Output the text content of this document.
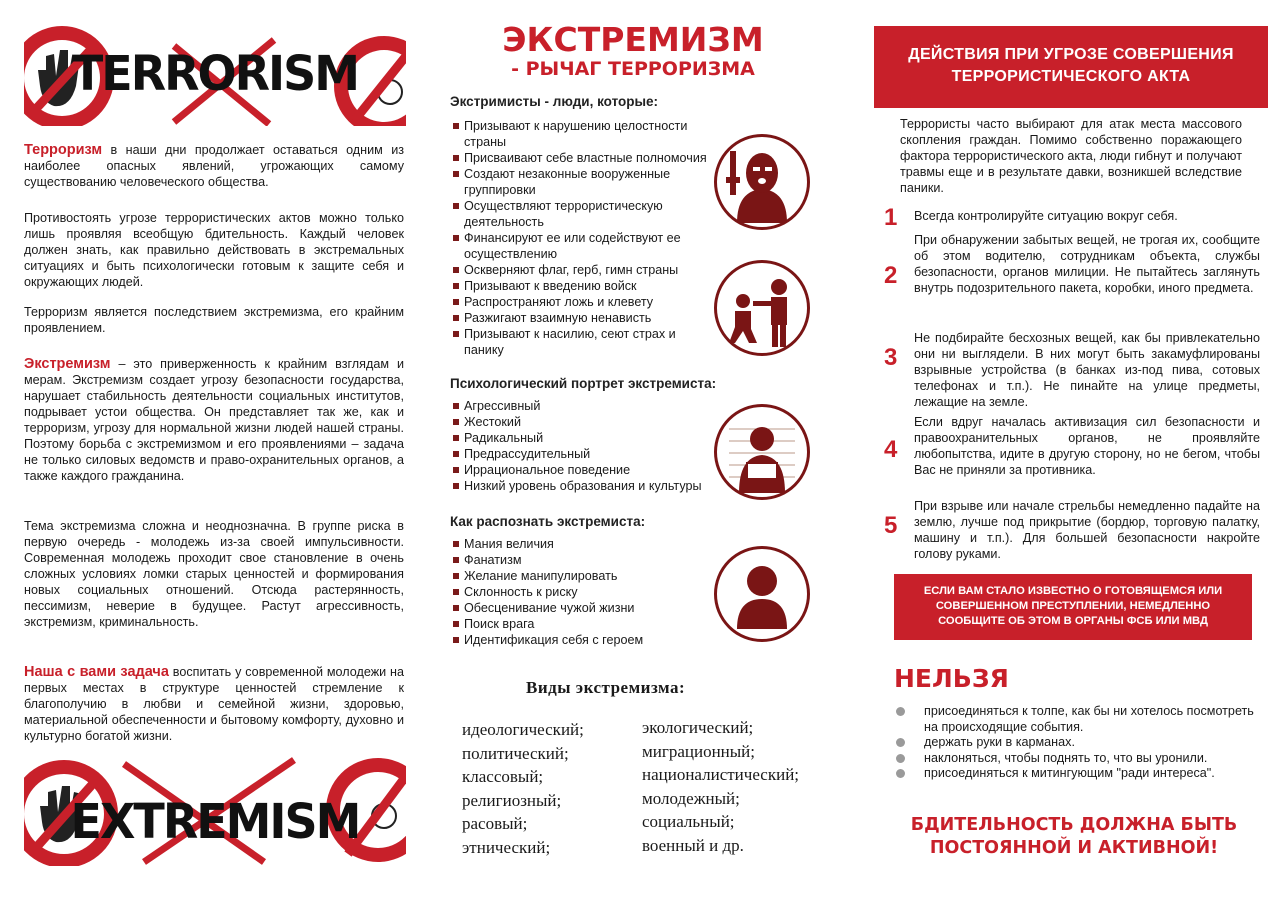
TERRORISM

Терроризм в наши дни продолжает оставаться одним из наиболее опасных явлений, угрожающих самому существованию человеческого общества.

Противостоять угрозе террористических актов можно только лишь проявляя всеобщую бдительность. Каждый человек должен знать, как правильно действовать в экстремальных ситуациях и быть психологически готовым к защите себя и окружающих людей.

Терроризм является последствием экстремизма, его крайним проявлением.

Экстремизм – это приверженность к крайним взглядам и мерам. Экстремизм создает угрозу безопасности государства, нарушает стабильность деятельности социальных институтов, подрывает устои общества. Он представляет так же, как и терроризм, угрозу для нормальной жизни людей нашей страны. Поэтому борьба с экстремизмом и его проявлениями – задача не только силовых ведомств и право-охранительных органов, а также каждого гражданина.

Тема экстремизма сложна и неоднозначна. В группе риска в первую очередь - молодежь из-за своей импульсивности. Современная молодежь проходит свое становление в очень сложных условиях ломки старых ценностей и формирования новых социальных отношений. Отсюда растерянность, пессимизм, неверие в будущее. Растут агрессивность, экстремизм, криминальность.

Наша с вами задача воспитать у современной молодежи на первых местах в структуре ценностей стремление к благополучию в любви и семейной жизни, здоровью, материальной обеспеченности и бытовому комфорту, духовно и культурно богатой жизни.

EXTREMISM
ЭКСТРЕМИЗМ
- РЫЧАГ ТЕРРОРИЗМА
Экстримисты - люди, которые:
Призывают к нарушению целостности страны
Присваивают себе властные полномочия
Создают незаконные вооруженные группировки
Осуществляют террористическую деятельность
Финансируют ее или содействуют ее осуществлению
Оскверняют флаг, герб, гимн страны
Призывают к введению войск
Распространяют ложь и клевету
Разжигают взаимную ненависть
Призывают к насилию, сеют страх и панику
Психологический портрет экстремиста:
Агрессивный
Жестокий
Радикальный
Предрассудительный
Иррациональное поведение
Низкий уровень образования и культуры
Как распознать экстремиста:
Мания величия
Фанатизм
Желание манипулировать
Склонность к риску
Обесценивание чужой жизни
Поиск врага
Идентификация себя с героем
Виды экстремизма:
идеологический;
политический;
классовый;
религиозный;
расовый;
этнический;
экологический;
миграционный;
националистический;
молодежный;
социальный;
военный и др.
ДЕЙСТВИЯ ПРИ УГРОЗЕ СОВЕРШЕНИЯ ТЕРРОРИСТИЧЕСКОГО АКТА

Террористы часто выбирают для атак места массового скопления граждан. Помимо собственно поражающего фактора террористического акта, люди гибнут и получают травмы еще и в результате давки, возникшей вследствие паники.

1 Всегда контролируйте ситуацию вокруг себя.
2
При обнаружении забытых вещей, не трогая их, сообщите об этом водителю, сотрудникам объекта, службы безопасности, органов милиции. Не пытайтесь заглянуть внутрь подозрительного пакета, коробки, иного предмета.
3
Не подбирайте бесхозных вещей, как бы привлекательно они ни выглядели. В них могут быть закамуфлированы взрывные устройства (в банках из-под пива, сотовых телефонах и т.п.). Не пинайте на улице предметы, лежащие на земле.
4
Если вдруг началась активизация сил безопасности и правоохранительных органов, не проявляйте любопытства, идите в другую сторону, но не бегом, чтобы Вас не приняли за противника.
5
При взрыве или начале стрельбы немедленно падайте на землю, лучше под прикрытие (бордюр, торговую палатку, машину и т.п.). Для большей безопасности накройте голову руками.
ЕСЛИ ВАМ СТАЛО ИЗВЕСТНО О ГОТОВЯЩЕМСЯ ИЛИ СОВЕРШЕННОМ ПРЕСТУПЛЕНИИ, НЕМЕДЛЕННО СООБЩИТЕ ОБ ЭТОМ В ОРГАНЫ ФСБ ИЛИ МВД
НЕЛЬЗЯ
присоединяться к толпе, как бы ни хотелось посмотреть на происходящие события.
держать руки в карманах.
наклоняться, чтобы поднять то, что вы уронили.
присоединяться к митингующим "ради интереса".
БДИТЕЛЬНОСТЬ ДОЛЖНА БЫТЬ ПОСТОЯННОЙ И АКТИВНОЙ!
